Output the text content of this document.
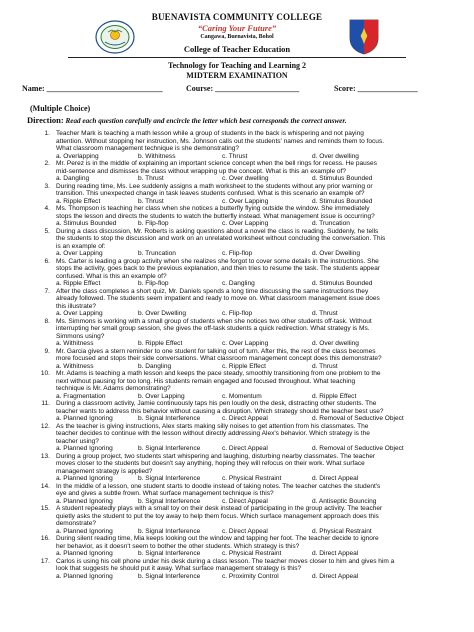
BUENAVISTA COMMUNITY COLLEGE
“Caring Your Future”
Cangawa, Buenavista, Bohol
College of Teacher Education
Technology for Teaching and Learning 2
MIDTERM EXAMINATION
Name: _____________________________	Course: _____________________	Score: _______________
(Multiple Choice)
Direction: Read each question carefully and encircle the letter which best corresponds the correct answer.
1. Teacher Mark is teaching a math lesson while a group of students in the back is whispering and not paying
attention. Without stopping her instruction, Ms. Johnson calls out the students' names and reminds them to focus.
What classroom management technique is she demonstrating?
a. Overlapping	b. Withitness	c. Thrust	d. Over dwelling
2. Mr. Perez is in the middle of explaining an important science concept when the bell rings for recess. He pauses
mid-sentence and dismisses the class without wrapping up the concept. What is this an example of?
a. Dangling	b. Thrust	c. Over dwelling	d. Stimulus Bounded
3. During reading time, Ms. Lee suddenly assigns a math worksheet to the students without any prior warning or
transition. This unexpected change in task leaves students confused. What is this scenario an example of?
a. Ripple Effect	b. Thrust	c. Over Lapping	d. Stimulus Bounded
4. Ms. Thompson is teaching her class when she notices a butterfly flying outside the window. She immediately
stops the lesson and directs the students to watch the butterfly instead. What management issue is occurring?
a. Stimulus Bounded	b. Flip-flop	c. Over Lapping	d. Truncation
5. During a class discussion, Mr. Roberts is asking questions about a novel the class is reading. Suddenly, he tells
the students to stop the discussion and work on an unrelated worksheet without concluding the conversation. This
is an example of:
a. Over Lapping	b. Truncation	c. Flip-flop	d. Over Dwelling
6. Ms. Carter is leading a group activity when she realizes she forgot to cover some details in the instructions. She
stops the activity, goes back to the previous explanation, and then tries to resume the task. The students appear
confused. What is this an example of?
a. Ripple Effect	b. Flip-flop	c. Dangling	d. Stimulus Bounded
7. After the class completes a short quiz, Mr. Daniels spends a long time discussing the same instructions they
already followed. The students seem impatient and ready to move on. What classroom management issue does
this illustrate?
a. Over Lapping	b. Over Dwelling	c. Flip-flop	d. Thrust
8. Ms. Simmons is working with a small group of students when she notices two other students off-task. Without
interrupting her small group session, she gives the off-task students a quick redirection. What strategy is Ms.
Simmons using?
a. Withitness	b. Ripple Effect	c. Over Lapping	d. Over dwelling
9. Mr. Garcia gives a stern reminder to one student for talking out of turn. After this, the rest of the class becomes
more focused and stops their side conversations. What classroom management concept does this demonstrate?
a. Withitness	b. Dangling	c. Ripple Effect	d. Thrust
10. Mr. Adams is teaching a math lesson and keeps the pace steady, smoothly transitioning from one problem to the
next without pausing for too long. His students remain engaged and focused throughout. What teaching
technique is Mr. Adams demonstrating?
a. Fragmentation	b. Over Lapping	c. Momentum	d. Ripple Effect
11. During a classroom activity, Jamie continuously taps his pen loudly on the desk, distracting other students. The
teacher wants to address this behavior without causing a disruption. Which strategy should the teacher best use?
a. Planned Ignoring	b. Signal Interference	c. Direct Appeal	d. Removal of Seductive Object
12. As the teacher is giving instructions, Alex starts making silly noises to get attention from his classmates. The
teacher decides to continue with the lesson without directly addressing Alex's behavior. Which strategy is the
teacher using?
a. Planned Ignoring	b. Signal Interference	c. Direct Appeal	d. Removal of Seductive Object
13. During a group project, two students start whispering and laughing, disturbing nearby classmates. The teacher
moves closer to the students but doesn't say anything, hoping they will refocus on their work. What surface
management strategy is applied?
a. Planned Ignoring	b. Signal Interference	c. Physical Restraint	d. Direct Appeal
14. In the middle of a lesson, one student starts to doodle instead of taking notes. The teacher catches the student's
eye and gives a subtle frown. What surface management technique is this?
a. Planned Ignoring	b. Signal Interference	c. Direct Appeal	d. Antiseptic Bouncing
15. A student repeatedly plays with a small toy on their desk instead of participating in the group activity. The teacher
quietly asks the student to put the toy away to help them focus. Which surface management approach does this
demonstrate?
a. Planned Ignoring	b. Signal Interference	c. Direct Appeal	d. Physical Restraint
16. During silent reading time, Mia keeps looking out the window and tapping her foot. The teacher decide to ignore
her behavior, as it doesn't seem to bother the other students. Which strategy is this?
a. Planned Ignoring	b. Signal Interference	c. Physical Restraint	d. Direct Appeal
17. Carlos is using his cell phone under his desk during a class lesson. The teacher moves closer to him and gives him a
look that suggests he should put it away. What surface management strategy is this?
a. Planned Ignoring	b. Signal Interference	c. Proximity Control	d. Direct Appeal
